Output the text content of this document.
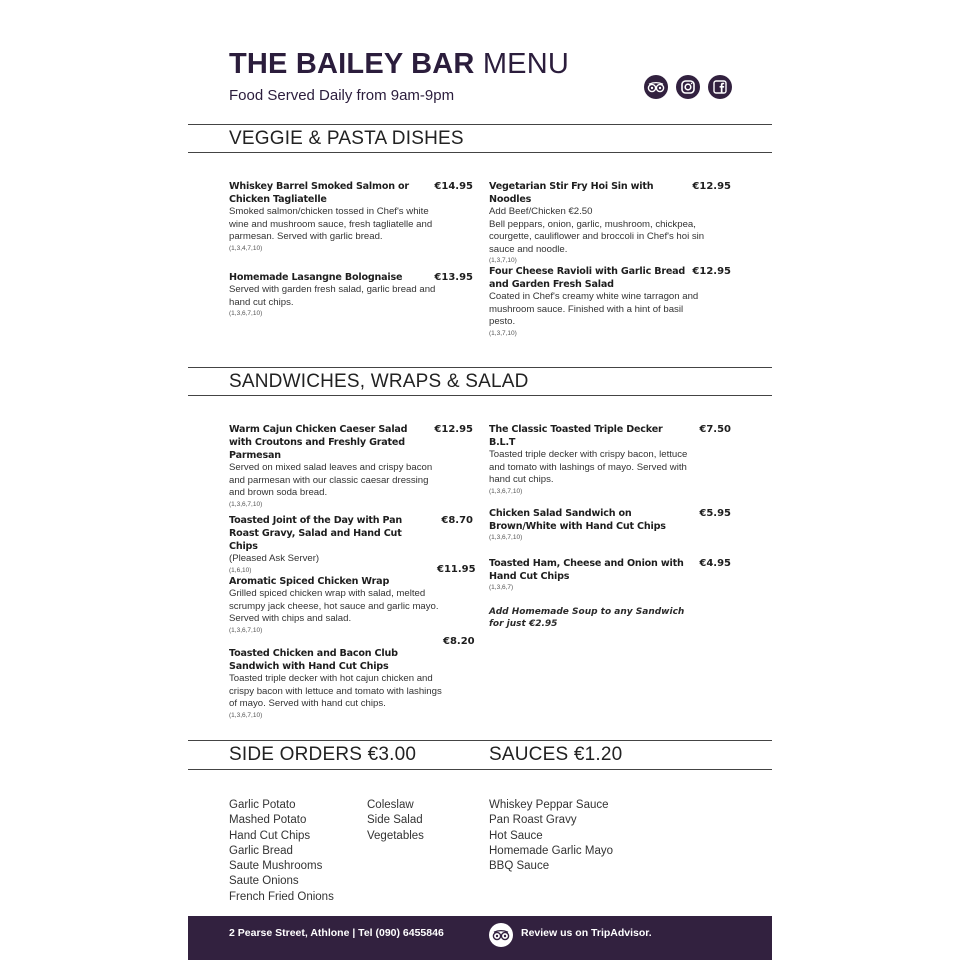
THE BAILEY BAR MENU
Food Served Daily from 9am-9pm
VEGGIE & PASTA DISHES
Whiskey Barrel Smoked Salmon or Chicken Tagliatelle
€14.95
Smoked salmon/chicken tossed in Chef's white wine and mushroom sauce, fresh tagliatelle and parmesan. Served with garlic bread.
(1,3,4,7,10)
Homemade Lasangne Bolognaise	€13.95
Served with garden fresh salad, garlic bread and hand cut chips.
(1,3,6,7,10)
Vegetarian Stir Fry Hoi Sin with Noodles
€12.95
Add Beef/Chicken €2.50
Bell peppars, onion, garlic, mushroom, chickpea, courgette, cauliflower and broccoli in Chef's hoi sin sauce and noodle.
(1,3,7,10)
Four Cheese Ravioli with Garlic Bread and Garden Fresh Salad
€12.95
Coated in Chef's creamy white wine tarragon and mushroom sauce. Finished with a hint of basil pesto.
(1,3,7,10)
SANDWICHES, WRAPS & SALAD
Warm Cajun Chicken Caeser Salad with Croutons and Freshly Grated Parmesan
€12.95
Served on mixed salad leaves and crispy bacon and parmesan with our classic caesar dressing and brown soda bread.
(1,3,6,7,10)
Toasted Joint of the Day with Pan Roast Gravy, Salad and Hand Cut Chips
€8.70
(Pleased Ask Server)
(1,6,10)	€11.95
Aromatic Spiced Chicken Wrap
Grilled spiced chicken wrap with salad, melted scrumpy jack cheese, hot sauce and garlic mayo. Served with chips and salad.
(1,3,6,7,10)
€8.20
Toasted Chicken and Bacon Club Sandwich with Hand Cut Chips
Toasted triple decker with hot cajun chicken and crispy bacon with lettuce and tomato with lashings of mayo. Served with hand cut chips.
(1,3,6,7,10)
The Classic Toasted Triple Decker B.L.T
€7.50
Toasted triple decker with crispy bacon, lettuce and tomato with lashings of mayo. Served with hand cut chips.
(1,3,6,7,10)
Chicken Salad Sandwich on Brown/White with Hand Cut Chips
€5.95
(1,3,6,7,10)
Toasted Ham, Cheese and Onion with Hand Cut Chips
€4.95
(1,3,6,7)
Add Homemade Soup to any Sandwich for just €2.95
SIDE ORDERS €3.00	SAUCES €1.20
Garlic Potato
Mashed Potato
Hand Cut Chips
Garlic Bread
Saute Mushrooms
Saute Onions
French Fried Onions
Coleslaw
Side Salad
Vegetables
Whiskey Peppar Sauce
Pan Roast Gravy
Hot Sauce
Homemade Garlic Mayo
BBQ Sauce
2 Pearse Street, Athlone | Tel (090) 6455846	Review us on TripAdvisor.
